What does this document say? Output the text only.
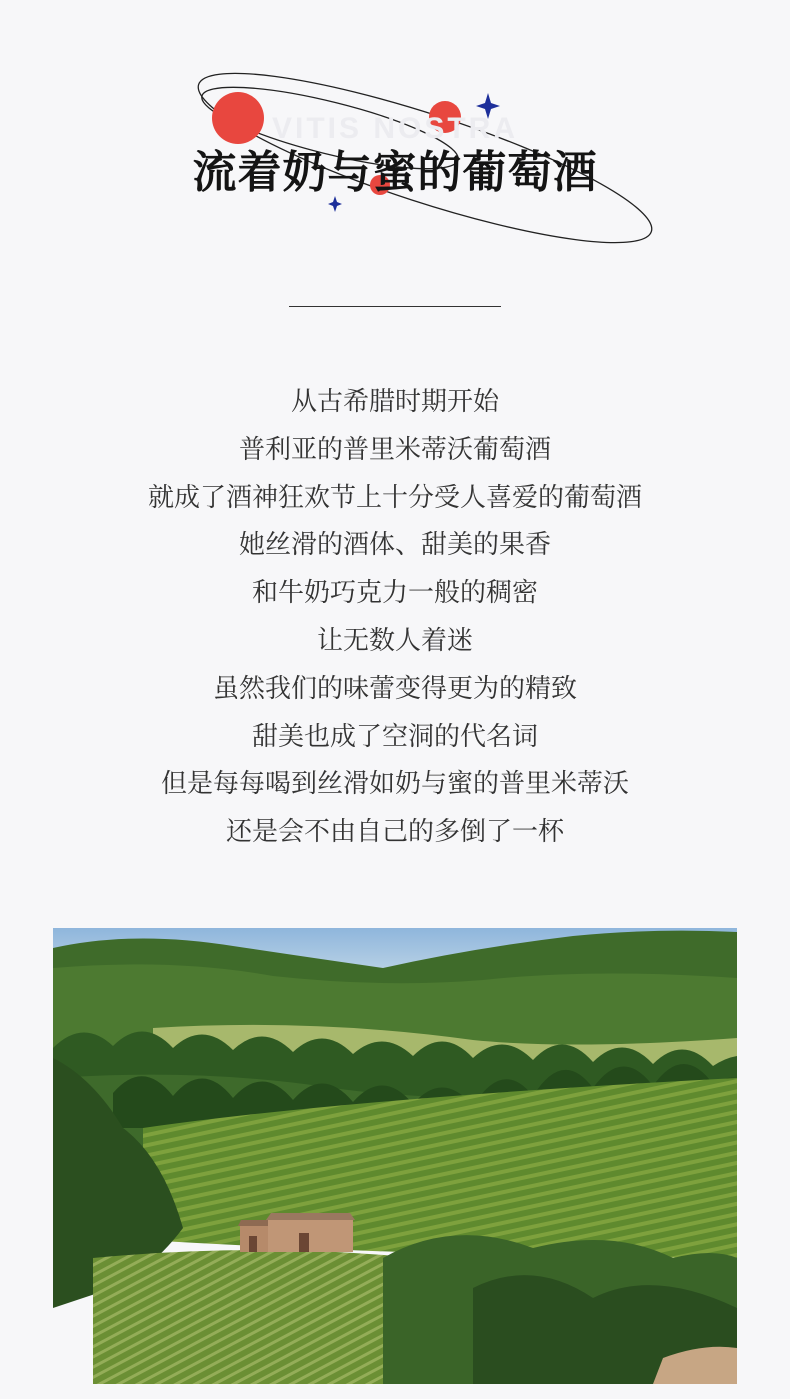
VITIS NOSTRA
流着奶与蜜的葡萄酒
从古希腊时期开始
普利亚的普里米蒂沃葡萄酒
就成了酒神狂欢节上十分受人喜爱的葡萄酒
她丝滑的酒体、甜美的果香
和牛奶巧克力一般的稠密
让无数人着迷
虽然我们的味蕾变得更为的精致
甜美也成了空洞的代名词
但是每每喝到丝滑如奶与蜜的普里米蒂沃
还是会不由自己的多倒了一杯
